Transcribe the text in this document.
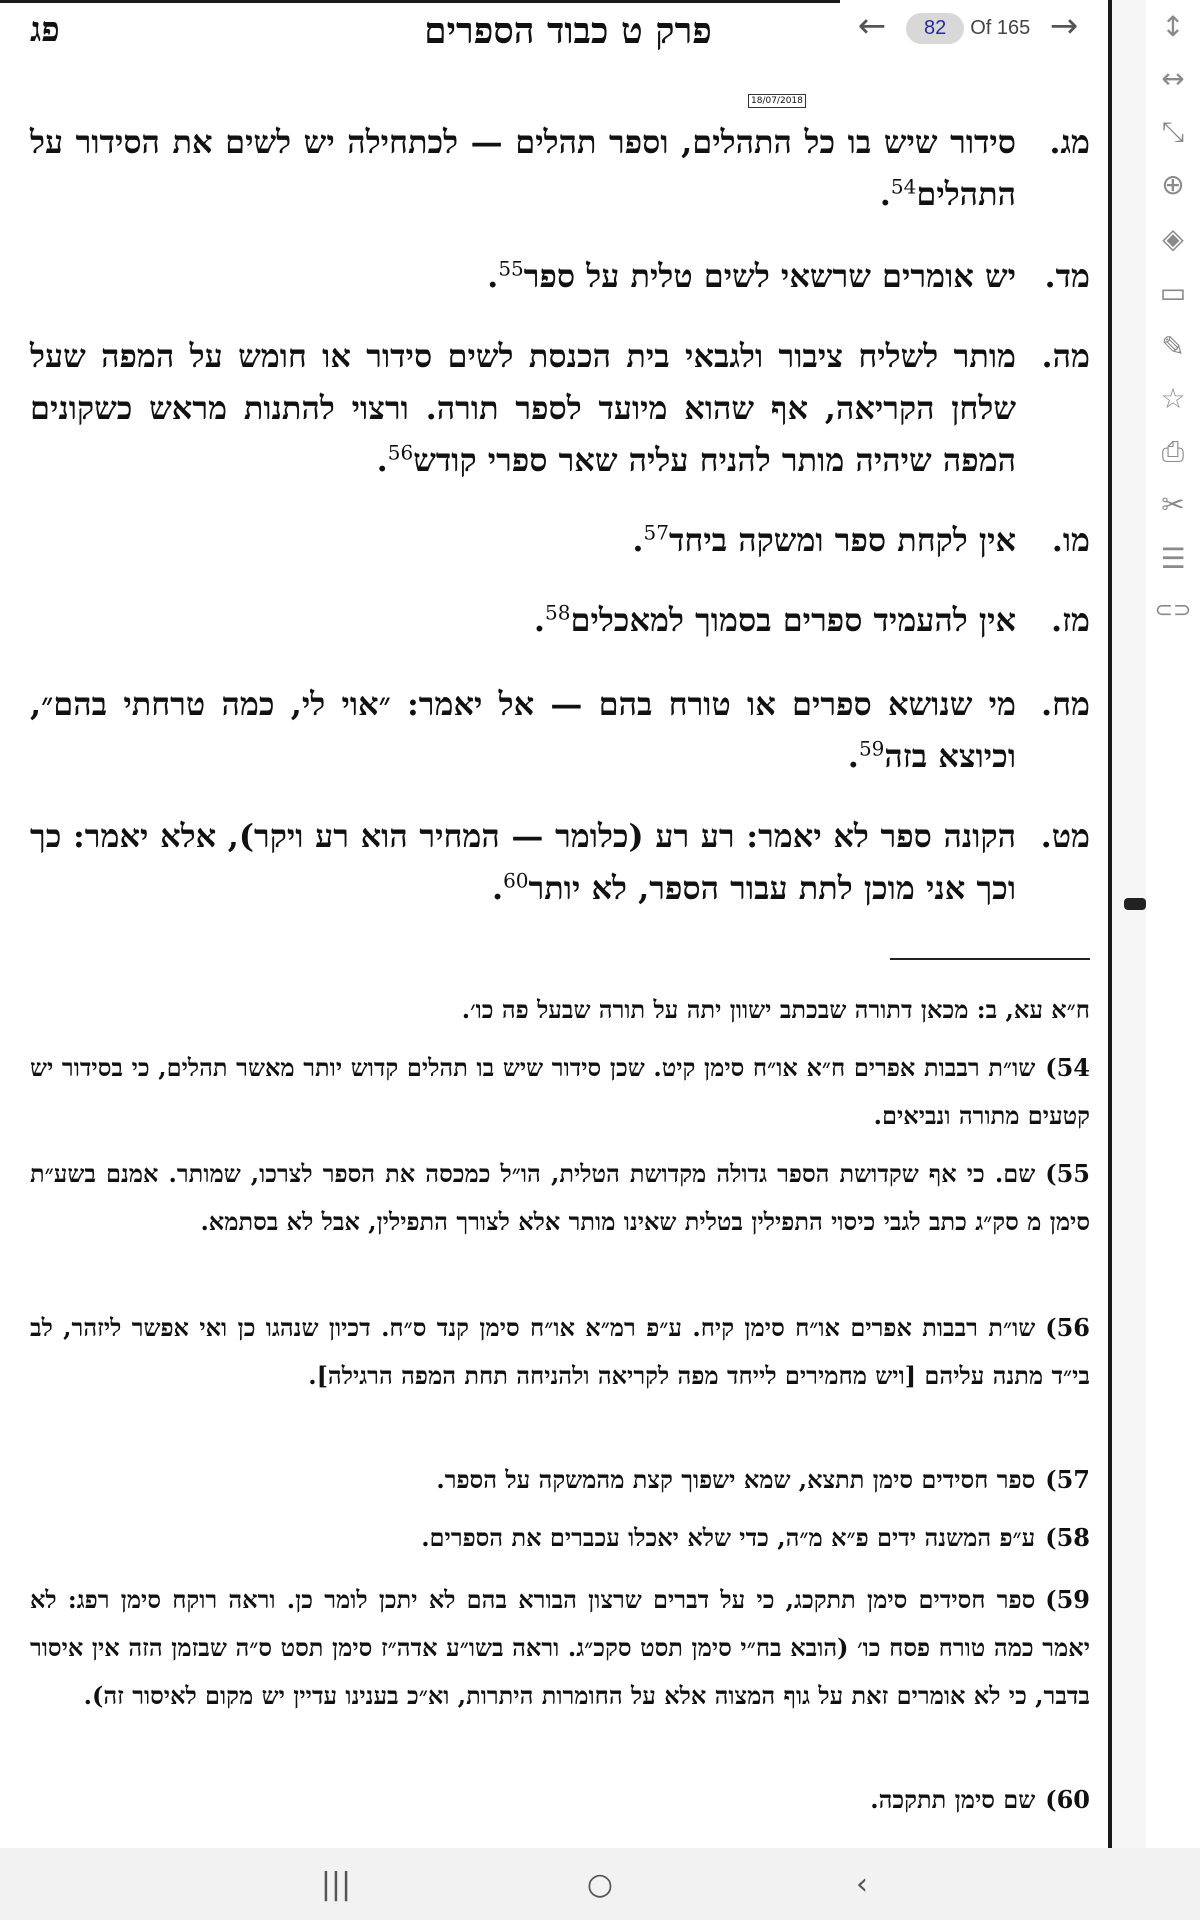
פג	פרק ט כבוד הספרים	←	82	Of 165 →
18/07/2018
מג.
סידור שיש בו כל התהלים, וספר תהלים — לכתחילה יש לשים את הסידור על התהלים$^{54}$.
מד.
יש אומרים שרשאי לשים טלית על ספר$^{55}$.
מה.
מותר לשליח ציבור ולגבאי בית הכנסת לשים סידור או חומש על המפה שעל שלחן הקריאה, אף שהוא מיועד לספר תורה. ורצוי להתנות מראש כשקונים המפה שיהיה מותר להניח עליה שאר ספרי קודש$^{56}$.
מו.
אין לקחת ספר ומשקה ביחד$^{57}$.
מז.
אין להעמיד ספרים בסמוך למאכלים$^{58}$.
מח.
מי שנושא ספרים או טורח בהם — אל יאמר: ״אוי לי, כמה טרחתי בהם״, וכיוצא בזה$^{59}$.
מט.
הקונה ספר לא יאמר: רע רע (כלומר — המחיר הוא רע ויקר), אלא יאמר: כך וכך אני מוכן לתת עבור הספר, לא יותר$^{60}$.
ח״א עא, ב: מכאן דתורה שבכתב ישוון יתה על תורה שבעל פה כו׳.
54)שו״ת רבבות אפרים ח״א או״ח סימן קיט. שכן סידור שיש בו תהלים קדוש יותר מאשר תהלים, כי בסידור יש קטעים מתורה ונביאים.
55)שם. כי אף שקדושת הספר גדולה מקדושת הטלית, הו״ל כמכסה את הספר לצרכו, שמותר. אמנם בשע״ת סימן מ סק״ג כתב לגבי כיסוי התפילין בטלית שאינו מותר אלא לצורך התפילין, אבל לא בסתמא.
56)שו״ת רבבות אפרים או״ח סימן קיח. ע״פ רמ״א או״ח סימן קנד ס״ח. דכיון שנהגו כן ואי אפשר ליזהר, לב בי״ד מתנה עליהם [ויש מחמירים לייחד מפה לקריאה ולהניחה תחת המפה הרגילה].
57)ספר חסידים סימן תתצא, שמא ישפוך קצת מהמשקה על הספר.
58)ע״פ המשנה ידים פ״א מ״ה, כדי שלא יאכלו עכברים את הספרים.
59)ספר חסידים סימן תתקכג, כי על דברים שרצון הבורא בהם לא יתכן לומר כן. וראה רוקח סימן רפג: לא יאמר כמה טורח פסח כו׳ (הובא בח״י סימן תסט סקכ״ג. וראה בשו״ע אדה״ז סימן תסט ס״ה שבזמן הזה אין איסור בדבר, כי לא אומרים זאת על גוף המצוה אלא על החומרות היתרות, וא״כ בענינו עדיין יש מקום לאיסור זה).
60)שם סימן תתקכה.
↕
↔
⤡
⊕
◈
▭
✎
☆
⎙
✂
☰
⊂⊃
|||	○	‹
